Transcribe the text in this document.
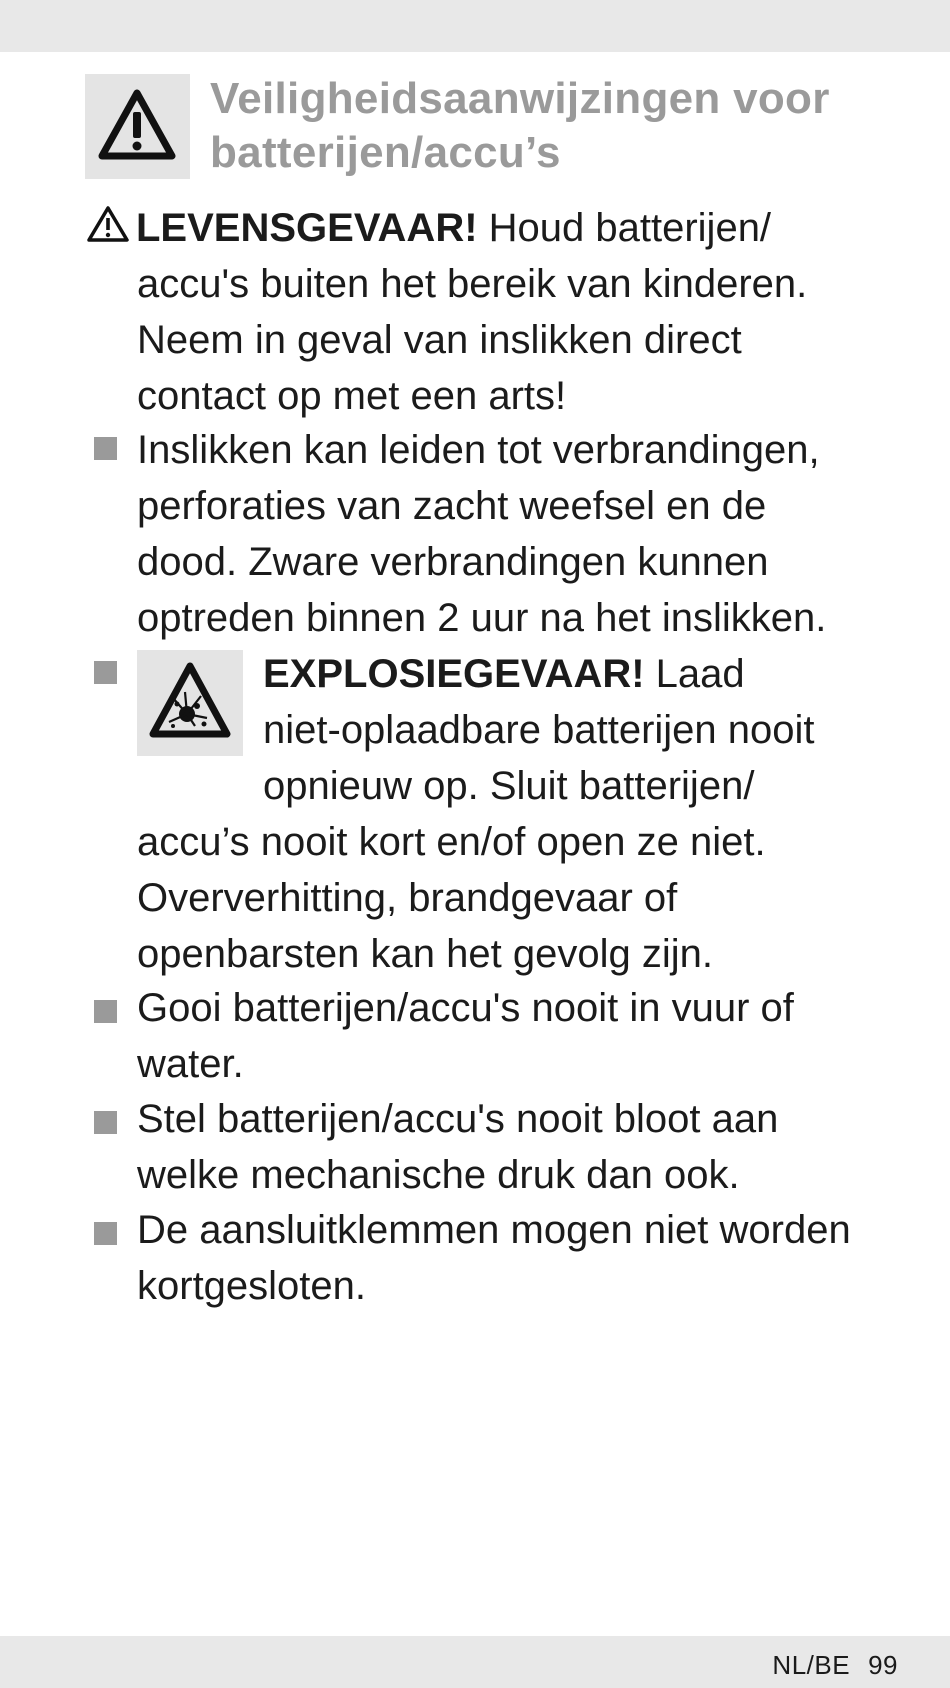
Veiligheidsaanwijzingen voor
batterijen/accu’s
LEVENSGEVAAR! Houd batterijen/
accu's buiten het bereik van kinderen.
Neem in geval van inslikken direct
contact op met een arts!
Inslikken kan leiden tot verbrandingen,
perforaties van zacht weefsel en de
dood. Zware verbrandingen kunnen
optreden binnen 2 uur na het inslikken.
EXPLOSIEGEVAAR! Laad
niet-oplaadbare batterijen nooit
opnieuw op. Sluit batterijen/
accu’s nooit kort en/of open ze niet.
Oververhitting, brandgevaar of
openbarsten kan het gevolg zijn.
Gooi batterijen/accu's nooit in vuur of
water.
Stel batterijen/accu's nooit bloot aan
welke mechanische druk dan ook.
De aansluitklemmen mogen niet worden
kortgesloten.
NL/BE 99
